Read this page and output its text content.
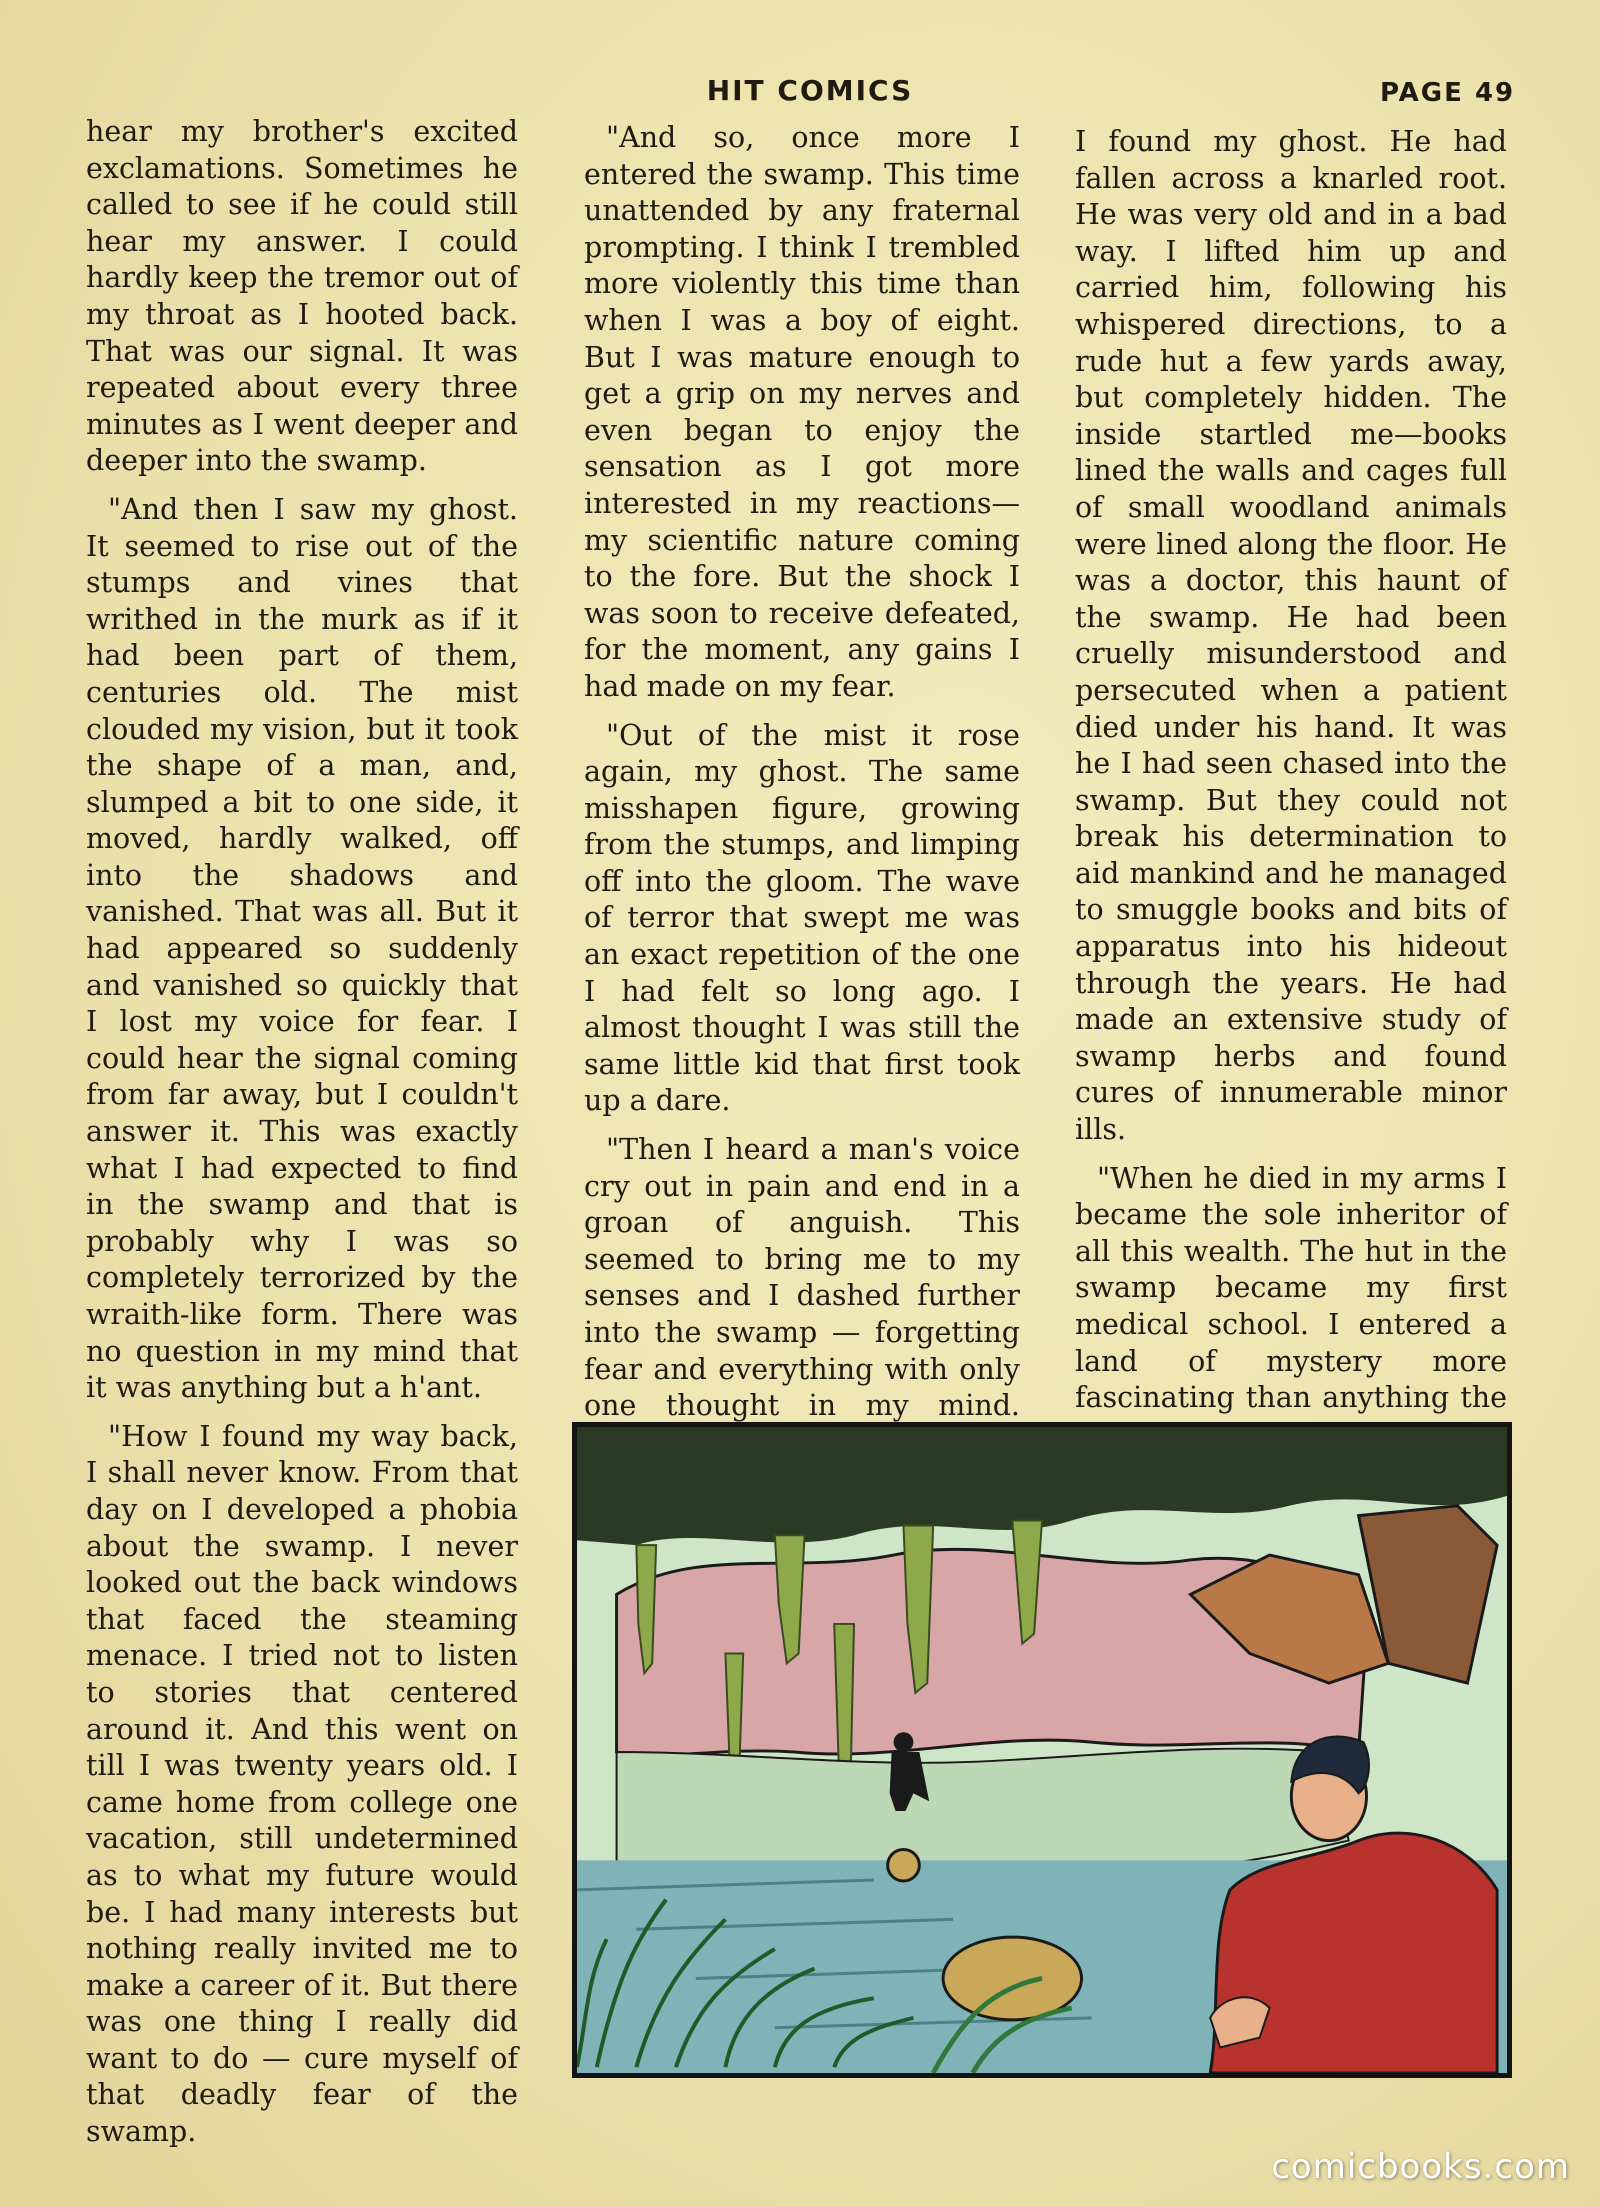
HIT COMICS	PAGE 49

hear my brother's excited exclamations. Sometimes he called to see if he could still hear my answer. I could hardly keep the tremor out of my throat as I hooted back. That was our signal. It was repeated about every three minutes as I went deeper and deeper into the swamp.

"And then I saw my ghost. It seemed to rise out of the stumps and vines that writhed in the murk as if it had been part of them, centuries old. The mist clouded my vision, but it took the shape of a man, and, slumped a bit to one side, it moved, hardly walked, off into the shadows and vanished. That was all. But it had appeared so suddenly and vanished so quickly that I lost my voice for fear. I could hear the signal coming from far away, but I couldn't answer it. This was exactly what I had expected to find in the swamp and that is probably why I was so completely terrorized by the wraith-like form. There was no question in my mind that it was anything but a h'ant.

"How I found my way back, I shall never know. From that day on I developed a phobia about the swamp. I never looked out the back windows that faced the steaming menace. I tried not to listen to stories that centered around it. And this went on till I was twenty years old. I came home from college one vacation, still undetermined as to what my future would be. I had many interests but nothing really invited me to make a career of it. But there was one thing I really did want to do — cure myself of that deadly fear of the swamp.

"And so, once more I entered the swamp. This time unattended by any fraternal prompting. I think I trembled more violently this time than when I was a boy of eight. But I was mature enough to get a grip on my nerves and even began to enjoy the sensation as I got more interested in my reactions—my scientific nature coming to the fore. But the shock I was soon to receive defeated, for the moment, any gains I had made on my fear.

"Out of the mist it rose again, my ghost. The same misshapen figure, growing from the stumps, and limping off into the gloom. The wave of terror that swept me was an exact repetition of the one I had felt so long ago. I almost thought I was still the same little kid that first took up a dare.

"Then I heard a man's voice cry out in pain and end in a groan of anguish. This seemed to bring me to my senses and I dashed further into the swamp — forgetting fear and everything with only one thought in my mind.

I found my ghost. He had fallen across a knarled root. He was very old and in a bad way. I lifted him up and carried him, following his whispered directions, to a rude hut a few yards away, but completely hidden. The inside startled me—books lined the walls and cages full of small woodland animals were lined along the floor. He was a doctor, this haunt of the swamp. He had been cruelly misunderstood and persecuted when a patient died under his hand. It was he I had seen chased into the swamp. But they could not break his determination to aid mankind and he managed to smuggle books and bits of apparatus into his hideout through the years. He had made an extensive study of swamp herbs and found cures of innumerable minor ills.

"When he died in my arms I became the sole inheritor of all this wealth. The hut in the swamp became my first medical school. I entered a land of mystery more fascinating than anything the

comicbooks.com
